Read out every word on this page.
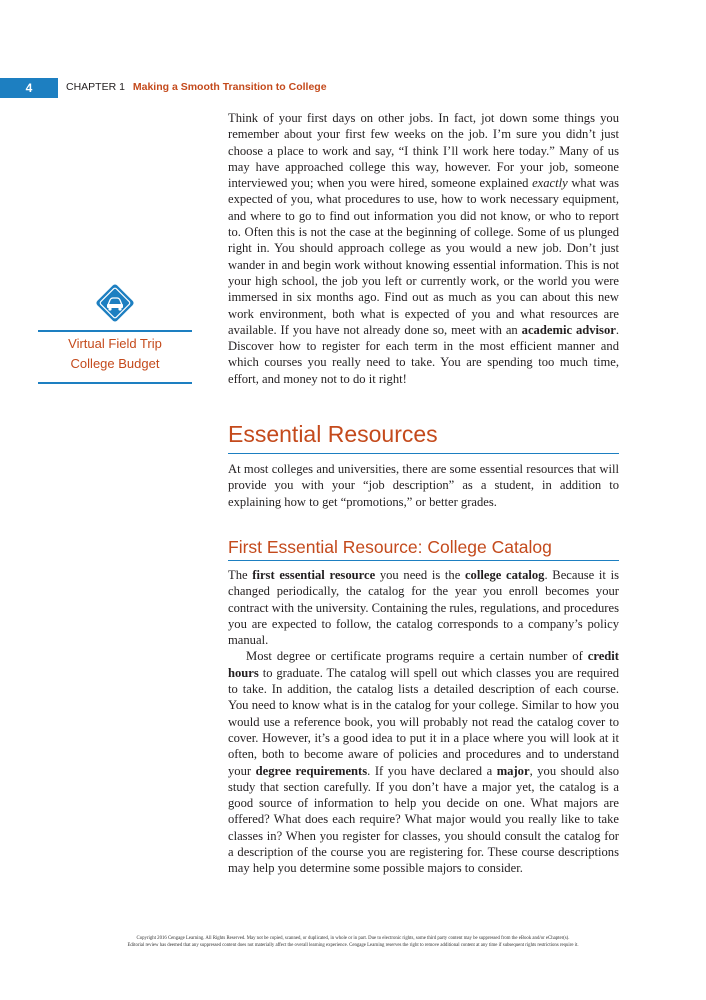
4	CHAPTER 1 Making a Smooth Transition to College

Think of your first days on other jobs. In fact, jot down some things you remember about your first few weeks on the job. I’m sure you didn’t just choose a place to work and say, “I think I’ll work here today.” Many of us may have approached college this way, however. For your job, someone interviewed you; when you were hired, someone explained exactly what was expected of you, what procedures to use, how to work necessary equipment, and where to go to find out information you did not know, or who to report to. Often this is not the case at the beginning of college. Some of us plunged right in. You should approach college as you would a new job. Don’t just wander in and begin work without knowing essential information. This is not your high school, the job you left or currently work, or the world you were immersed in six months ago. Find out as much as you can about this new work environment, both what is expected of you and what resources are available. If you have not already done so, meet with an academic advisor. Discover how to register for each term in the most efficient manner and which courses you really need to take. You are spending too much time, effort, and money not to do it right!

Virtual Field Trip
College Budget
Essential Resources

At most colleges and universities, there are some essential resources that will provide you with your “job description” as a student, in addition to explaining how to get “promotions,” or better grades.

First Essential Resource: College Catalog

The first essential resource you need is the college catalog. Because it is changed periodically, the catalog for the year you enroll becomes your contract with the university. Containing the rules, regulations, and procedures you are expected to follow, the catalog corresponds to a company’s policy manual.

Most degree or certificate programs require a certain number of credit hours to graduate. The catalog will spell out which classes you are required to take. In addition, the catalog lists a detailed description of each course. You need to know what is in the catalog for your college. Similar to how you would use a reference book, you will probably not read the catalog cover to cover. However, it’s a good idea to put it in a place where you will look at it often, both to become aware of policies and procedures and to understand your degree requirements. If you have declared a major, you should also study that section carefully. If you don’t have a major yet, the catalog is a good source of information to help you decide on one. What majors are offered? What does each require? What major would you really like to take classes in? When you register for classes, you should consult the catalog for a description of the course you are registering for. These course descriptions may help you determine some possible majors to consider.

Copyright 2016 Cengage Learning. All Rights Reserved. May not be copied, scanned, or duplicated, in whole or in part. Due to electronic rights, some third party content may be suppressed from the eBook and/or eChapter(s).
Editorial review has deemed that any suppressed content does not materially affect the overall learning experience. Cengage Learning reserves the right to remove additional content at any time if subsequent rights restrictions require it.
